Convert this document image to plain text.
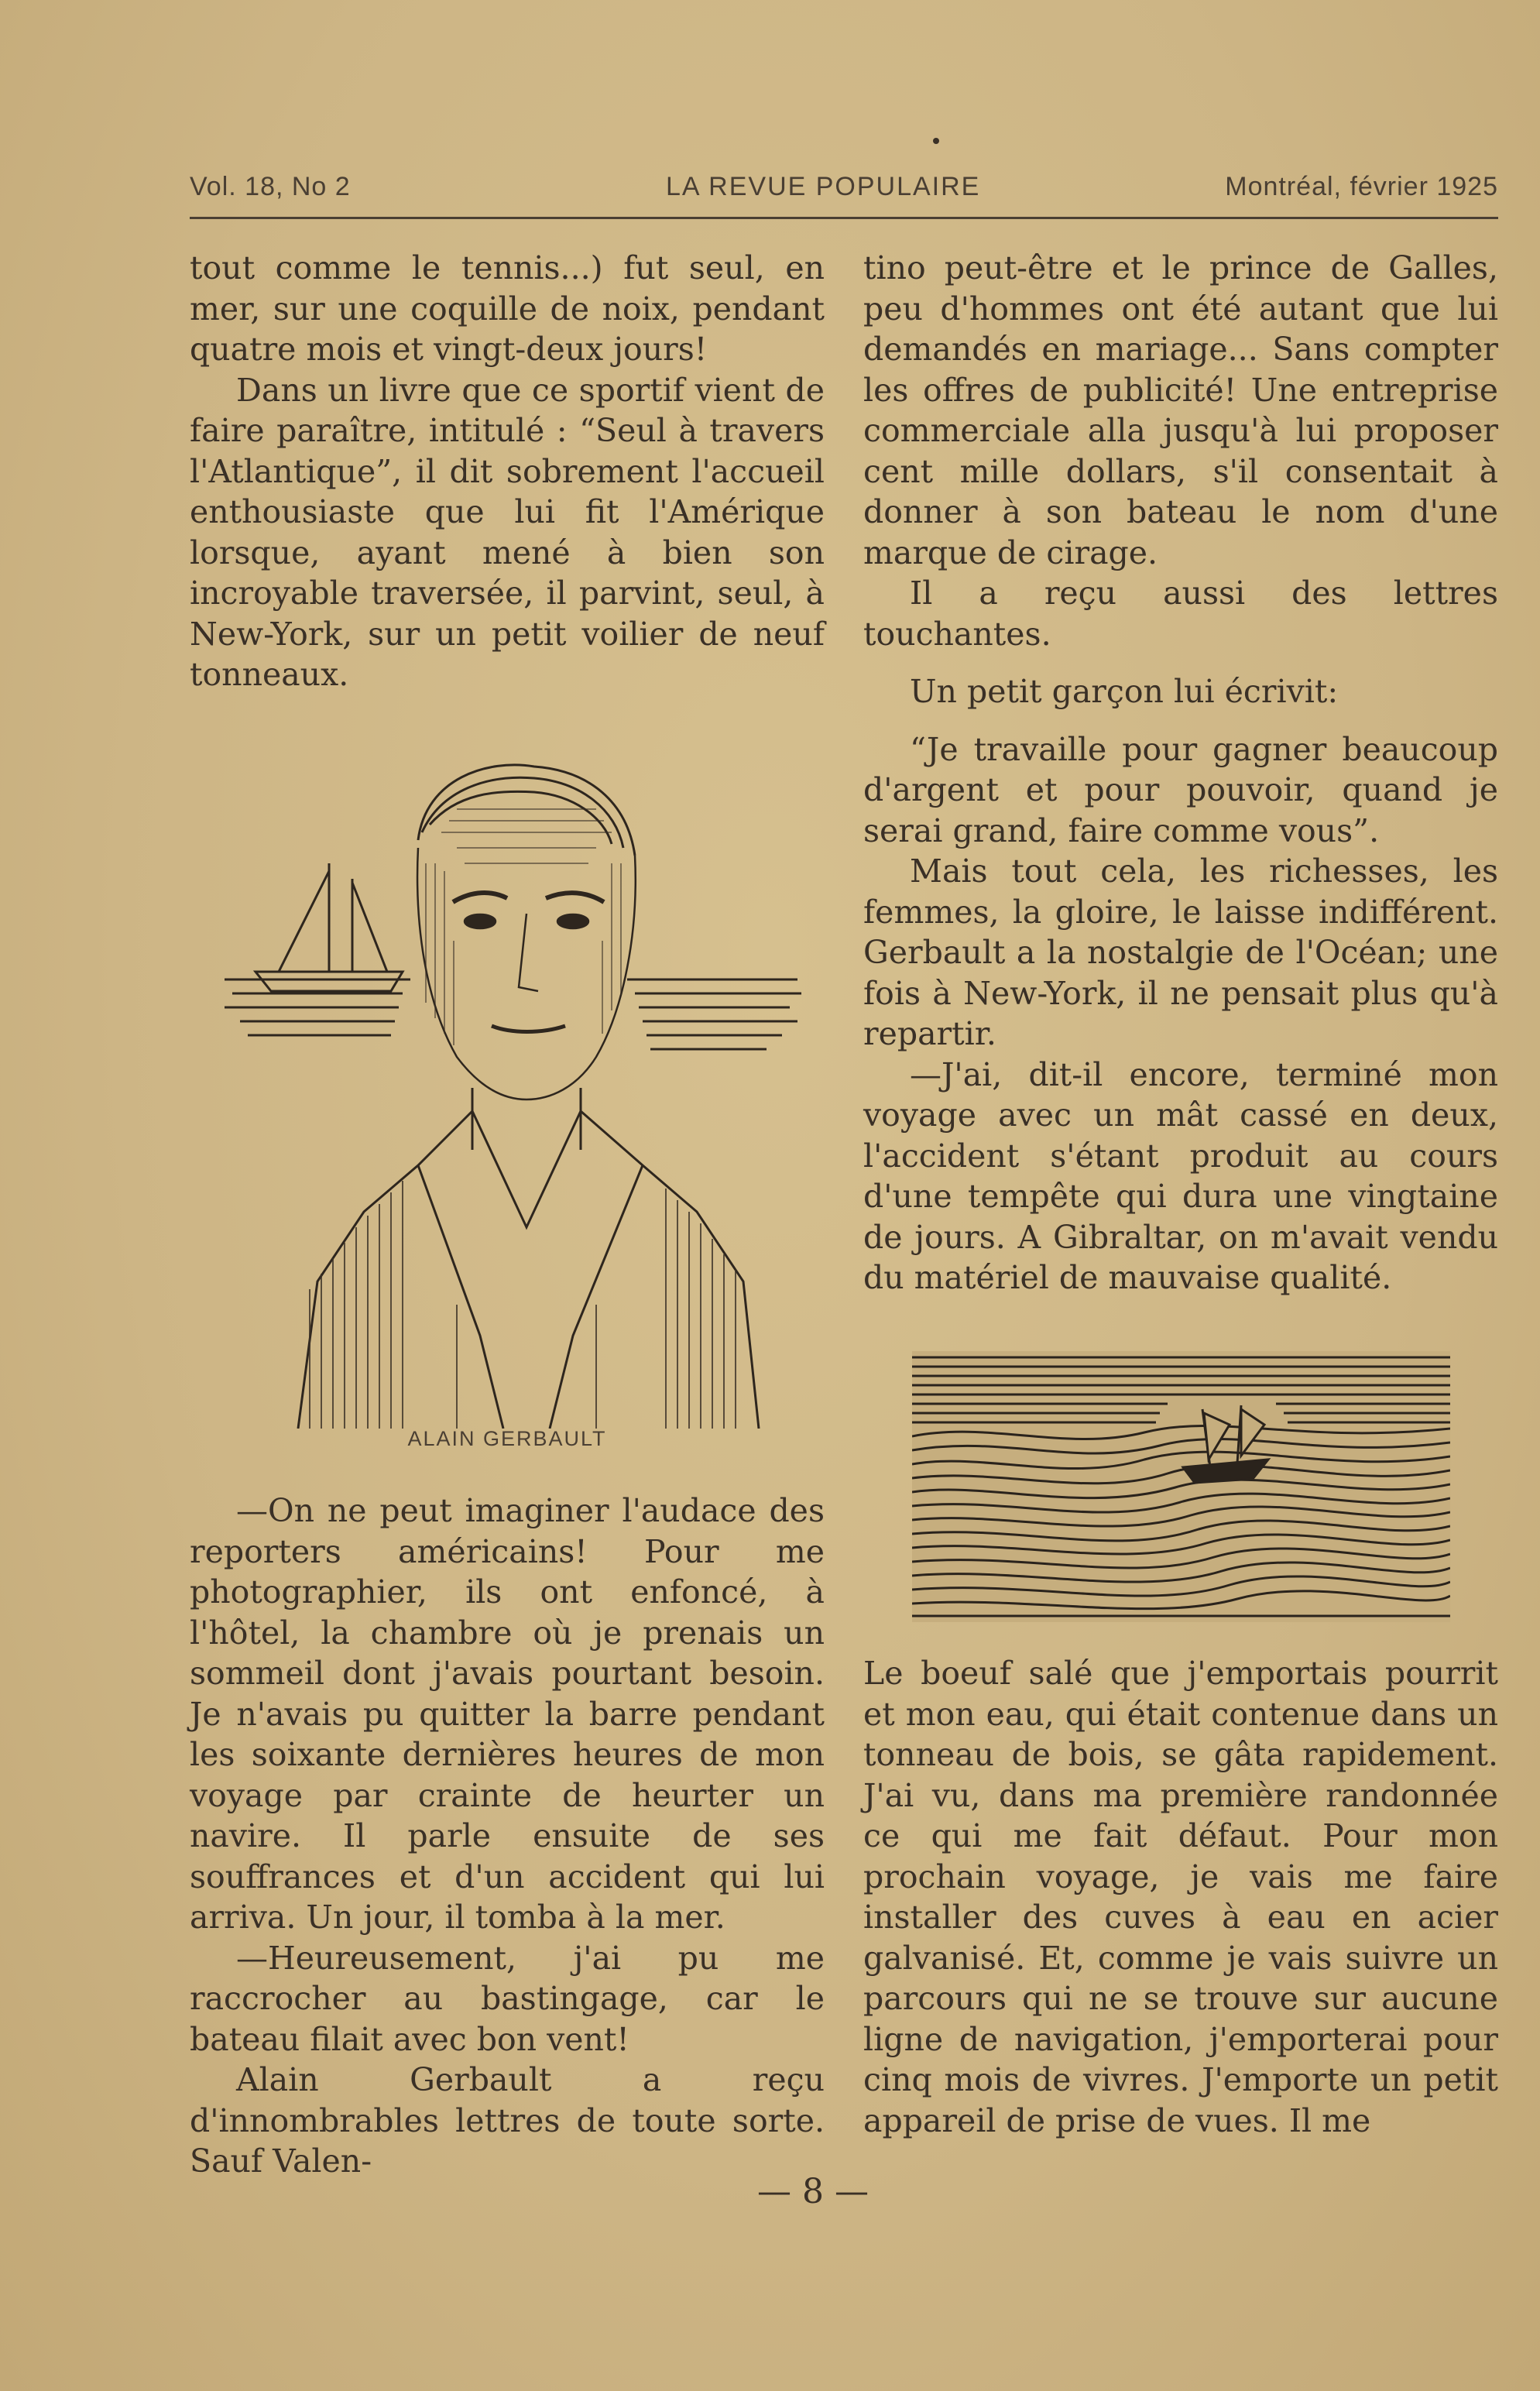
Vol. 18, No 2	LA REVUE POPULAIRE	Montréal, février 1925

tout comme le tennis...) fut seul, en mer, sur une coquille de noix, pendant quatre mois et vingt-deux jours!

Dans un livre que ce sportif vient de faire paraître, intitulé : “Seul à travers l'Atlantique”, il dit sobrement l'accueil enthousiaste que lui fit l'Amérique lorsque, ayant mené à bien son incroyable traversée, il parvint, seul, à New-York, sur un petit voilier de neuf tonneaux.

ALAIN GERBAULT

—On ne peut imaginer l'audace des reporters américains! Pour me photographier, ils ont enfoncé, à l'hôtel, la chambre où je prenais un sommeil dont j'avais pourtant besoin. Je n'avais pu quitter la barre pendant les soixante dernières heures de mon voyage par crainte de heurter un navire. Il parle ensuite de ses souffrances et d'un accident qui lui arriva. Un jour, il tomba à la mer.

—Heureusement, j'ai pu me raccrocher au bastingage, car le bateau filait avec bon vent!

Alain Gerbault a reçu d'innombrables lettres de toute sorte. Sauf Valen-

tino peut-être et le prince de Galles, peu d'hommes ont été autant que lui demandés en mariage... Sans compter les offres de publicité! Une entreprise commerciale alla jusqu'à lui proposer cent mille dollars, s'il consentait à donner à son bateau le nom d'une marque de cirage.

Il a reçu aussi des lettres touchantes.

Un petit garçon lui écrivit:

“Je travaille pour gagner beaucoup d'argent et pour pouvoir, quand je serai grand, faire comme vous”.

Mais tout cela, les richesses, les femmes, la gloire, le laisse indifférent. Gerbault a la nostalgie de l'Océan; une fois à New-York, il ne pensait plus qu'à repartir.

—J'ai, dit-il encore, terminé mon voyage avec un mât cassé en deux, l'accident s'étant produit au cours d'une tempête qui dura une vingtaine de jours. A Gibraltar, on m'avait vendu du matériel de mauvaise qualité.

Le boeuf salé que j'emportais pourrit et mon eau, qui était contenue dans un tonneau de bois, se gâta rapidement. J'ai vu, dans ma première randonnée ce qui me fait défaut. Pour mon prochain voyage, je vais me faire installer des cuves à eau en acier galvanisé. Et, comme je vais suivre un parcours qui ne se trouve sur aucune ligne de navigation, j'emporterai pour cinq mois de vivres. J'emporte un petit appareil de prise de vues. Il me

— 8 —
